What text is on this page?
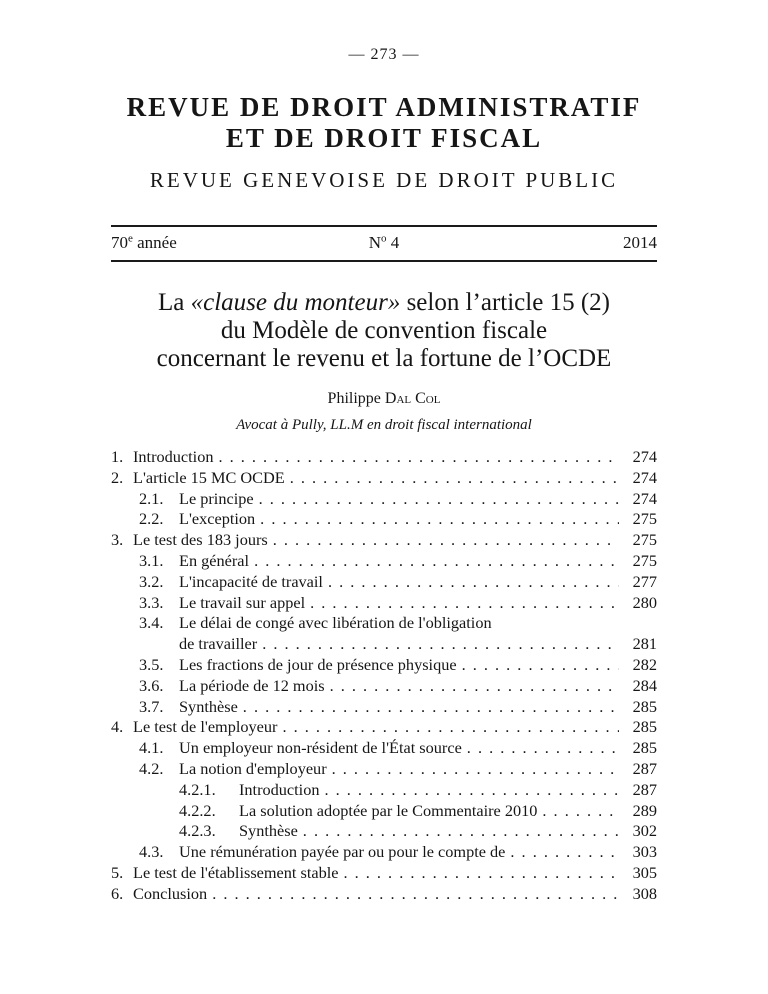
— 273 —
REVUE DE DROIT ADMINISTRATIF
ET DE DROIT FISCAL
REVUE GENEVOISE DE DROIT PUBLIC
70e année	$N^o$ 4	2014
La «clause du monteur» selon l’article 15 (2)
du Modèle de convention fiscale
concernant le revenu et la fortune de l’OCDE
Philippe Dal Col
Avocat à Pully, LL.M en droit fiscal international
1. Introduction . . .	274
2. L'article 15 MC OCDE . . .	274
2.1. Le principe . . .	274
2.2. L'exception . . .	275
3. Le test des 183 jours . . .	275
3.1. En général . . .	275
3.2. L'incapacité de travail . . .	277
3.3. Le travail sur appel . . .	280
3.4. Le délai de congé avec libération de l'obligation
de travailler . . .	281
3.5. Les fractions de jour de présence physique . . .	282
3.6. La période de 12 mois . . .	284
3.7. Synthèse . . .	285
4. Le test de l'employeur . . .	285
4.1. Un employeur non-résident de l'État source . . .	285
4.2. La notion d'employeur . . .	287
4.2.1.	Introduction . . .	287
4.2.2.	La solution adoptée par le Commentaire 2010 . . .	289
4.2.3.	Synthèse . . .	302
4.3. Une rémunération payée par ou pour le compte de . . .	303
5. Le test de l'établissement stable . . .	305
6. Conclusion . . .	308
